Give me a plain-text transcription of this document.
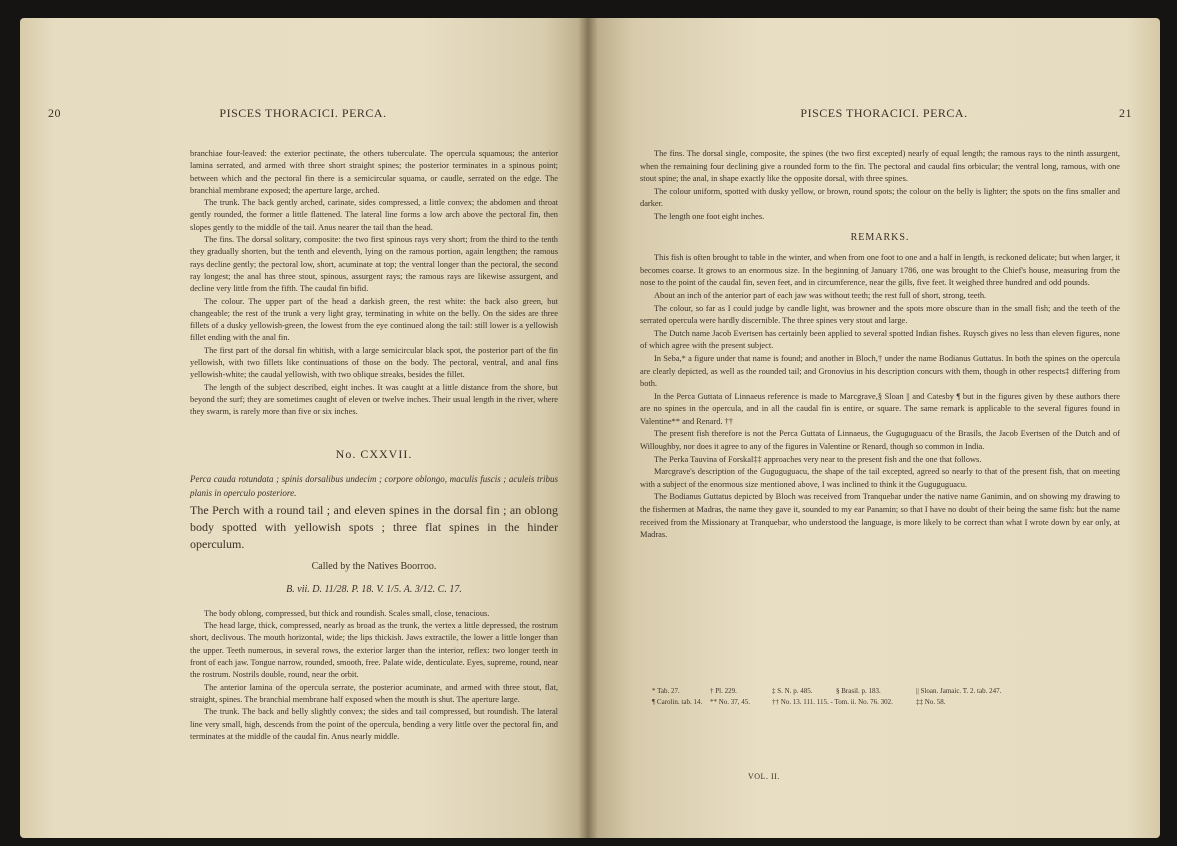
20	PISCES THORACICI. PERCA.

branchiae four-leaved: the exterior pectinate, the others tuberculate. The opercula squamous; the anterior lamina serrated, and armed with three short straight spines; the posterior terminates in a spinous point; between which and the pectoral fin there is a semicircular squama, or caudle, serrated on the edge. The branchial membrane exposed; the aperture large, arched.

The trunk. The back gently arched, carinate, sides compressed, a little convex; the abdomen and throat gently rounded, the former a little flattened. The lateral line forms a low arch above the pectoral fin, then slopes gently to the middle of the tail. Anus nearer the tail than the head.

The fins. The dorsal solitary, composite: the two first spinous rays very short; from the third to the tenth they gradually shorten, but the tenth and eleventh, lying on the ramous portion, again lengthen; the ramous rays decline gently; the pectoral low, short, acuminate at top; the ventral longer than the pectoral, the second ray longest; the anal has three stout, spinous, assurgent rays; the ramous rays are likewise assurgent, and decline very little from the fifth. The caudal fin bifid.

The colour. The upper part of the head a darkish green, the rest white: the back also green, but changeable; the rest of the trunk a very light gray, terminating in white on the belly. On the sides are three fillets of a dusky yellowish-green, the lowest from the eye continued along the tail: still lower is a yellowish fillet ending with the anal fin.

The first part of the dorsal fin whitish, with a large semicircular black spot, the posterior part of the fin yellowish, with two fillets like continuations of those on the body. The pectoral, ventral, and anal fins yellowish-white; the caudal yellowish, with two oblique streaks, besides the fillet.

The length of the subject described, eight inches. It was caught at a little distance from the shore, but beyond the surf; they are sometimes caught of eleven or twelve inches. Their usual length in the river, where they swarm, is rarely more than five or six inches.

No. CXXVII.

Perca cauda rotundata ; spinis dorsalibus undecim ; corpore oblongo, maculis fuscis ; aculeis tribus planis in operculo posteriore.

The Perch with a round tail ; and eleven spines in the dorsal fin ; an oblong body spotted with yellowish spots ; three flat spines in the hinder operculum.

Called by the Natives Boorroo.

B. vii. D. 11/28. P. 18. V. 1/5. A. 3/12. C. 17.

The body oblong, compressed, but thick and roundish. Scales small, close, tenacious.

The head large, thick, compressed, nearly as broad as the trunk, the vertex a little depressed, the rostrum short, declivous. The mouth horizontal, wide; the lips thickish. Jaws extractile, the lower a little longer than the upper. Teeth numerous, in several rows, the exterior larger than the interior, reflex: two longer teeth in front of each jaw. Tongue narrow, rounded, smooth, free. Palate wide, denticulate. Eyes, supreme, round, near the rostrum. Nostrils double, round, near the orbit.

The anterior lamina of the opercula serrate, the posterior acuminate, and armed with three stout, flat, straight, spines. The branchial membrane half exposed when the mouth is shut. The aperture large.

The trunk. The back and belly slightly convex; the sides and tail compressed, but roundish. The lateral line very small, high, descends from the point of the opercula, bending a very little over the pectoral fin, and terminates at the middle of the caudal fin. Anus nearly middle.

PISCES THORACICI. PERCA.	21

The fins. The dorsal single, composite, the spines (the two first excepted) nearly of equal length; the ramous rays to the ninth assurgent, when the remaining four declining give a rounded form to the fin. The pectoral and caudal fins orbicular; the ventral long, ramous, with one stout spine; the anal, in shape exactly like the opposite dorsal, with three spines.

The colour uniform, spotted with dusky yellow, or brown, round spots; the colour on the belly is lighter; the spots on the fins smaller and darker.

The length one foot eight inches.

REMARKS.

This fish is often brought to table in the winter, and when from one foot to one and a half in length, is reckoned delicate; but when larger, it becomes coarse. It grows to an enormous size. In the beginning of January 1786, one was brought to the Chief's house, measuring from the nose to the point of the caudal fin, seven feet, and in circumference, near the gills, five feet. It weighed three hundred and odd pounds.

About an inch of the anterior part of each jaw was without teeth; the rest full of short, strong, teeth.

The colour, so far as I could judge by candle light, was browner and the spots more obscure than in the small fish; and the teeth of the serrated opercula were hardly discernible. The three spines very stout and large.

The Dutch name Jacob Evertsen has certainly been applied to several spotted Indian fishes. Ruysch gives no less than eleven figures, none of which agree with the present subject.

In Seba,* a figure under that name is found; and another in Bloch,† under the name Bodianus Guttatus. In both the spines on the opercula are clearly depicted, as well as the rounded tail; and Gronovius in his description concurs with them, though in other respects‡ differing from both.

In the Perca Guttata of Linnaeus reference is made to Marcgrave,§ Sloan || and Catesby ¶ but in the figures given by these authors there are no spines in the opercula, and in all the caudal fin is entire, or square. The same remark is applicable to the several figures found in Valentine** and Renard. ††

The present fish therefore is not the Perca Guttata of Linnaeus, the Guguguguacu of the Brasils, the Jacob Evertsen of the Dutch and of Willoughby, nor does it agree to any of the figures in Valentine or Renard, though so common in India.

The Perka Tauvina of Forskal‡‡ approaches very near to the present fish and the one that follows.

Marcgrave's description of the Guguguguacu, the shape of the tail excepted, agreed so nearly to that of the present fish, that on meeting with a subject of the enormous size mentioned above, I was inclined to think it the Guguguguacu.

The Bodianus Guttatus depicted by Bloch was received from Tranquebar under the native name Ganimin, and on showing my drawing to the fishermen at Madras, the name they gave it, sounded to my ear Panamin; so that I have no doubt of their being the same fish: but the name received from the Missionary at Tranquebar, who understood the language, is more likely to be correct than what I wrote down by ear only, at Madras.

* Tab. 27.	† Pl. 229.	‡ S. N. p. 485.	§ Brasil. p. 183.	|| Sloan. Jamaic. T. 2. tab. 247.
¶ Carolin. tab. 14.	** No. 37, 45.	†† No. 13. 111. 115. - Tom. ii. No. 76. 302.	‡‡ No. 58.
VOL. II.
